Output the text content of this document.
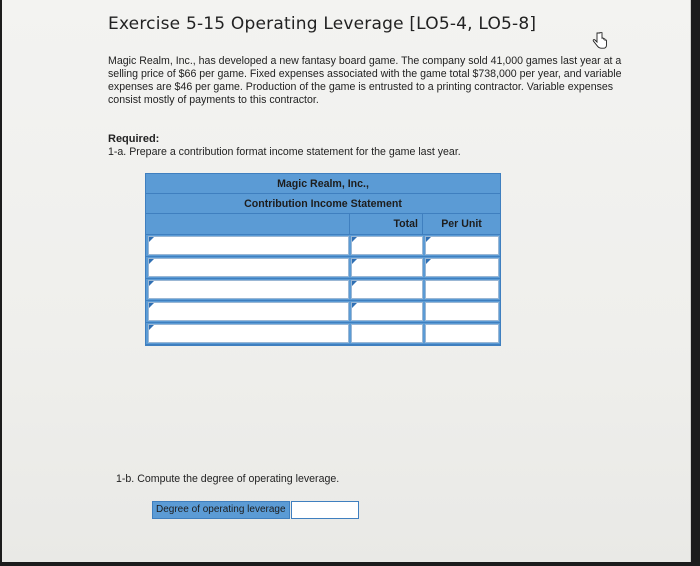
Exercise 5-15 Operating Leverage [LO5-4, LO5-8]
Magic Realm, Inc., has developed a new fantasy board game. The company sold 41,000 games last year at a selling price of $66 per game. Fixed expenses associated with the game total $738,000 per year, and variable expenses are $46 per game. Production of the game is entrusted to a printing contractor. Variable expenses consist mostly of payments to this contractor.
Required:
1-a. Prepare a contribution format income statement for the game last year.
Magic Realm, Inc.,
Contribution Income Statement
Total	Per Unit
1-b. Compute the degree of operating leverage.
Degree of operating leverage
